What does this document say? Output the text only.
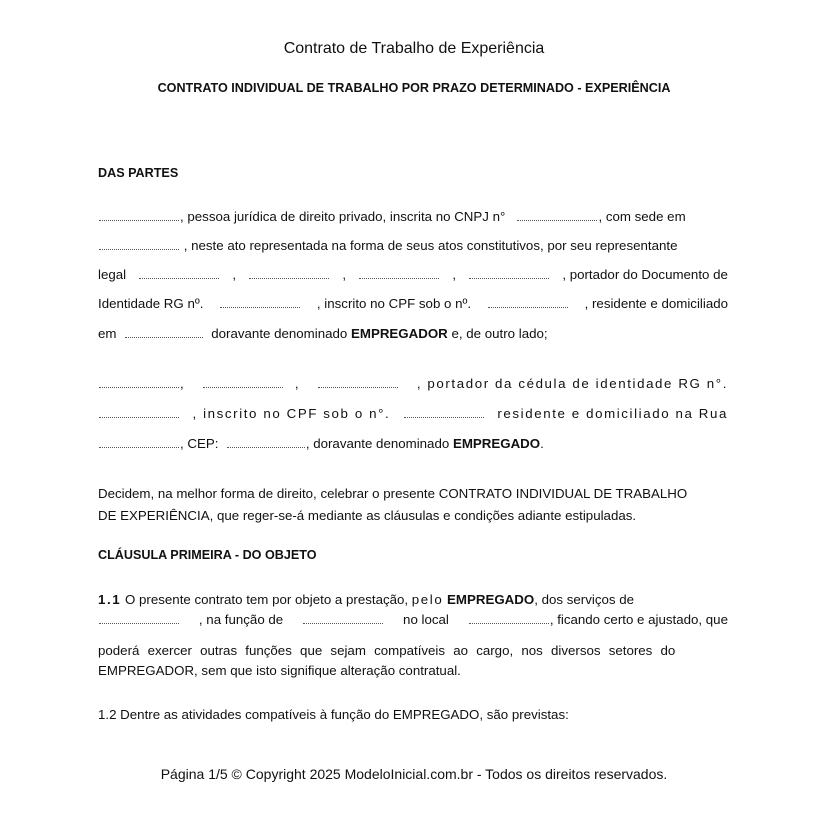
Contrato de Trabalho de Experiência
CONTRATO INDIVIDUAL DE TRABALHO POR PRAZO DETERMINADO - EXPERIÊNCIA
DAS PARTES
, pessoa jurídica de direito privado, inscrita no CNPJ n°	, com sede em
, neste ato representada na forma de seus atos constitutivos, por seu representante
legal	,	,	,	, portador do Documento de
Identidade RG nº.	, inscrito no CPF sob o nº.	, residente e domiciliado
em	doravante denominado EMPREGADOR e, de outro lado;
,	,	, portador da cédula de identidade RG n°.
, inscrito no CPF sob o n°.	residente e domiciliado na Rua
, CEP:	, doravante denominado EMPREGADO.
Decidem, na melhor forma de direito, celebrar o presente CONTRATO INDIVIDUAL DE TRABALHO
DE EXPERIÊNCIA, que reger-se-á mediante as cláusulas e condições adiante estipuladas.
CLÁUSULA PRIMEIRA - DO OBJETO
1.1 O presente contrato tem por objeto a prestação, pelo EMPREGADO, dos serviços de
, na função de	no local	, ficando certo e ajustado, que
poderá exercer outras funções que sejam compatíveis ao cargo, nos diversos setores do
EMPREGADOR, sem que isto signifique alteração contratual.
1.2 Dentre as atividades compatíveis à função do EMPREGADO, são previstas:
Página 1/5 © Copyright 2025 ModeloInicial.com.br - Todos os direitos reservados.
